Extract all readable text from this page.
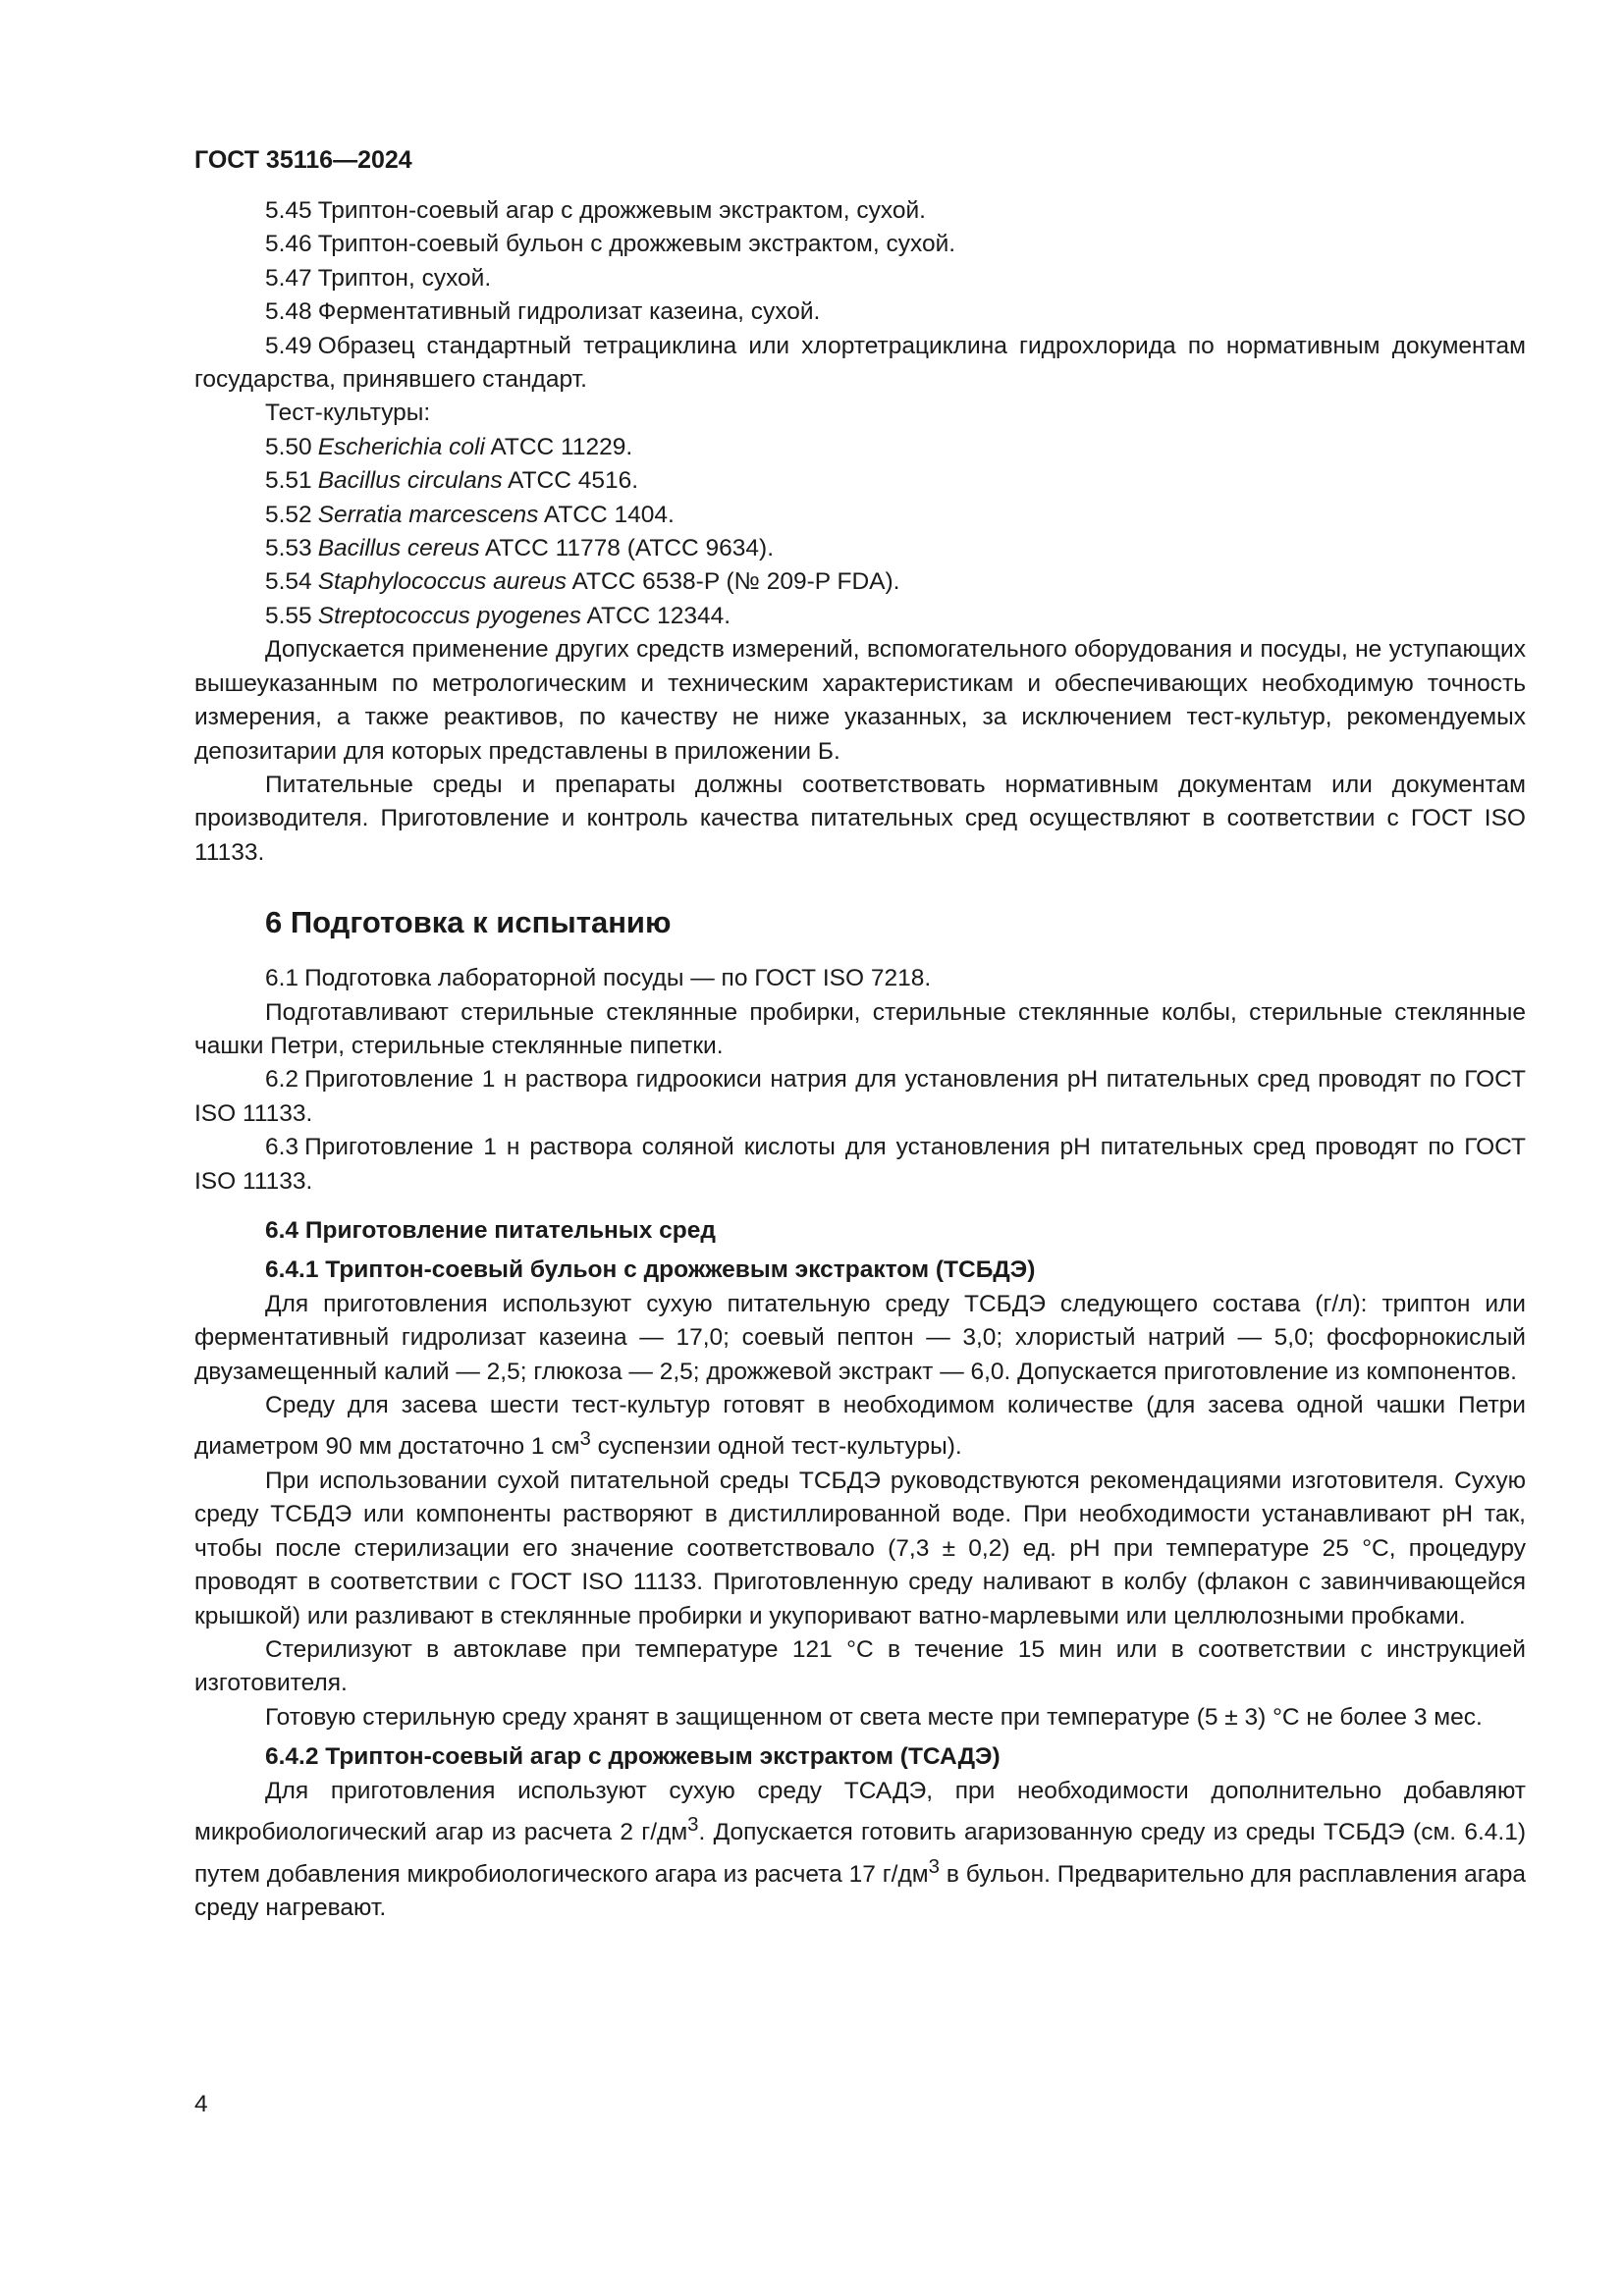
ГОСТ 35116—2024

5.45 Триптон-соевый агар с дрожжевым экстрактом, сухой.

5.46 Триптон-соевый бульон с дрожжевым экстрактом, сухой.

5.47 Триптон, сухой.

5.48 Ферментативный гидролизат казеина, сухой.

5.49 Образец стандартный тетрациклина или хлортетрациклина гидрохлорида по нормативным документам государства, принявшего стандарт.

Тест-культуры:

5.50 Escherichia coli ATCC 11229.

5.51 Bacillus circulans ATCC 4516.

5.52 Serratia marcescens ATCC 1404.

5.53 Bacillus cereus ATCC 11778 (ATCC 9634).

5.54 Staphylococcus aureus ATCC 6538-P (№ 209-P FDA).

5.55 Streptococcus pyogenes ATCC 12344.

Допускается применение других средств измерений, вспомогательного оборудования и посуды, не уступающих вышеуказанным по метрологическим и техническим характеристикам и обеспечивающих необходимую точность измерения, а также реактивов, по качеству не ниже указанных, за исключением тест-культур, рекомендуемых депозитарии для которых представлены в приложении Б.

Питательные среды и препараты должны соответствовать нормативным документам или документам производителя. Приготовление и контроль качества питательных сред осуществляют в соответствии с ГОСТ ISO 11133.

6 Подготовка к испытанию

6.1 Подготовка лабораторной посуды — по ГОСТ ISO 7218.

Подготавливают стерильные стеклянные пробирки, стерильные стеклянные колбы, стерильные стеклянные чашки Петри, стерильные стеклянные пипетки.

6.2 Приготовление 1 н раствора гидроокиси натрия для установления pH питательных сред проводят по ГОСТ ISO 11133.

6.3 Приготовление 1 н раствора соляной кислоты для установления pH питательных сред проводят по ГОСТ ISO 11133.

6.4 Приготовление питательных сред
6.4.1 Триптон-соевый бульон с дрожжевым экстрактом (ТСБДЭ)

Для приготовления используют сухую питательную среду ТСБДЭ следующего состава (г/л): триптон или ферментативный гидролизат казеина — 17,0; соевый пептон — 3,0; хлористый натрий — 5,0; фосфорнокислый двузамещенный калий — 2,5; глюкоза — 2,5; дрожжевой экстракт — 6,0. Допускается приготовление из компонентов.

Среду для засева шести тест-культур готовят в необходимом количестве (для засева одной чашки Петри диаметром 90 мм достаточно 1 $см^3$ суспензии одной тест-культуры).

При использовании сухой питательной среды ТСБДЭ руководствуются рекомендациями изготовителя. Сухую среду ТСБДЭ или компоненты растворяют в дистиллированной воде. При необходимости устанавливают pH так, чтобы после стерилизации его значение соответствовало (7,3 ± 0,2) ед. pH при температуре 25 °С, процедуру проводят в соответствии с ГОСТ ISO 11133. Приготовленную среду наливают в колбу (флакон с завинчивающейся крышкой) или разливают в стеклянные пробирки и укупоривают ватно-марлевыми или целлюлозными пробками.

Стерилизуют в автоклаве при температуре 121 °С в течение 15 мин или в соответствии с инструкцией изготовителя.

Готовую стерильную среду хранят в защищенном от света месте при температуре (5 ± 3) °С не более 3 мес.

6.4.2 Триптон-соевый агар с дрожжевым экстрактом (ТСАДЭ)

Для приготовления используют сухую среду ТСАДЭ, при необходимости дополнительно добавляют микробиологический агар из расчета 2 $г/дм^3$. Допускается готовить агаризованную среду из среды ТСБДЭ (см. 6.4.1) путем добавления микробиологического агара из расчета 17 $г/дм^3$ в бульон. Предварительно для расплавления агара среду нагревают.

4
